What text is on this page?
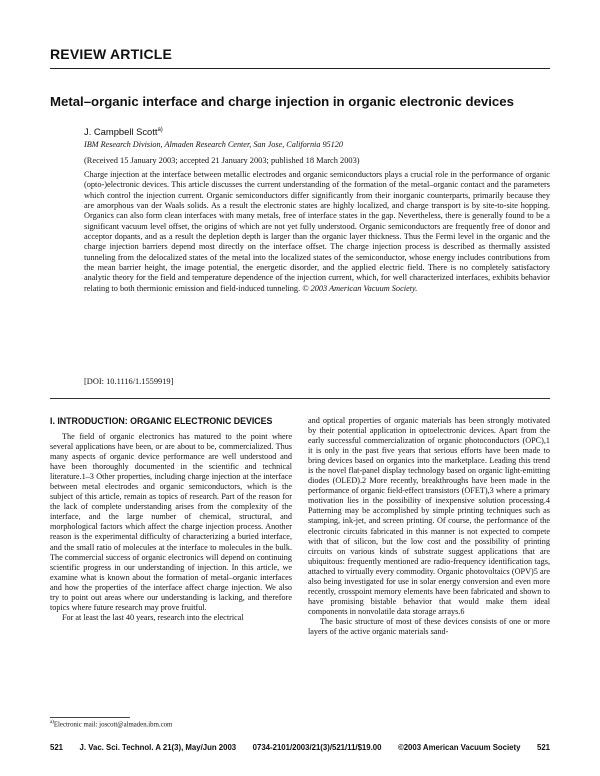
REVIEW ARTICLE
Metal–organic interface and charge injection in organic electronic devices
J. Campbell Scott$^{a)}$
IBM Research Division, Almaden Research Center, San Jose, California 95120
(Received 15 January 2003; accepted 21 January 2003; published 18 March 2003)
Charge injection at the interface between metallic electrodes and organic semiconductors plays a crucial role in the performance of organic (opto-)electronic devices. This article discusses the current understanding of the formation of the metal–organic contact and the parameters which control the injection current. Organic semiconductors differ significantly from their inorganic counterparts, primarily because they are amorphous van der Waals solids. As a result the electronic states are highly localized, and charge transport is by site-to-site hopping. Organics can also form clean interfaces with many metals, free of interface states in the gap. Nevertheless, there is generally found to be a significant vacuum level offset, the origins of which are not yet fully understood. Organic semiconductors are frequently free of donor and acceptor dopants, and as a result the depletion depth is larger than the organic layer thickness. Thus the Fermi level in the organic and the charge injection barriers depend most directly on the interface offset. The charge injection process is described as thermally assisted tunneling from the delocalized states of the metal into the localized states of the semiconductor, whose energy includes contributions from the mean barrier height, the image potential, the energetic disorder, and the applied electric field. There is no completely satisfactory analytic theory for the field and temperature dependence of the injection current, which, for well characterized interfaces, exhibits behavior relating to both thermionic emission and field-induced tunneling. © 2003 American Vacuum Society.
[DOI: 10.1116/1.1559919]
I. INTRODUCTION: ORGANIC ELECTRONIC DEVICES

The field of organic electronics has matured to the point where several applications have been, or are about to be, commercialized. Thus many aspects of organic device performance are well understood and have been thoroughly documented in the scientific and technical literature.1–3 Other properties, including charge injection at the interface between metal electrodes and organic semiconductors, which is the subject of this article, remain as topics of research. Part of the reason for the lack of complete understanding arises from the complexity of the interface, and the large number of chemical, structural, and morphological factors which affect the charge injection process. Another reason is the experimental difficulty of characterizing a buried interface, and the small ratio of molecules at the interface to molecules in the bulk. The commercial success of organic electronics will depend on continuing scientific progress in our understanding of injection. In this article, we examine what is known about the formation of metal–organic interfaces and how the properties of the interface affect charge injection. We also try to point out areas where our understanding is lacking, and therefore topics where future research may prove fruitful.

For at least the last 40 years, research into the electrical

and optical properties of organic materials has been strongly motivated by their potential application in optoelectronic devices. Apart from the early successful commercialization of organic photoconductors (OPC),1 it is only in the past five years that serious efforts have been made to bring devices based on organics into the marketplace. Leading this trend is the novel flat-panel display technology based on organic light-emitting diodes (OLED).2 More recently, breakthroughs have been made in the performance of organic field-effect transistors (OFET),3 where a primary motivation lies in the possibility of inexpensive solution processing.4 Patterning may be accomplished by simple printing techniques such as stamping, ink-jet, and screen printing. Of course, the performance of the electronic circuits fabricated in this manner is not expected to compete with that of silicon, but the low cost and the possibility of printing circuits on various kinds of substrate suggest applications that are ubiquitous: frequently mentioned are radio-frequency identification tags, attached to virtually every commodity. Organic photovoltaics (OPV)5 are also being investigated for use in solar energy conversion and even more recently, crosspoint memory elements have been fabricated and shown to have promising bistable behavior that would make them ideal components in nonvolatile data storage arrays.6

The basic structure of most of these devices consists of one or more layers of the active organic materials sand-

$^{a)}$Electronic mail: joscott@almaden.ibm.com
521 J. Vac. Sci. Technol. A 21(3), May/Jun 2003 0734-2101/2003/21(3)/521/11/$19.00 ©2003 American Vacuum Society 521
